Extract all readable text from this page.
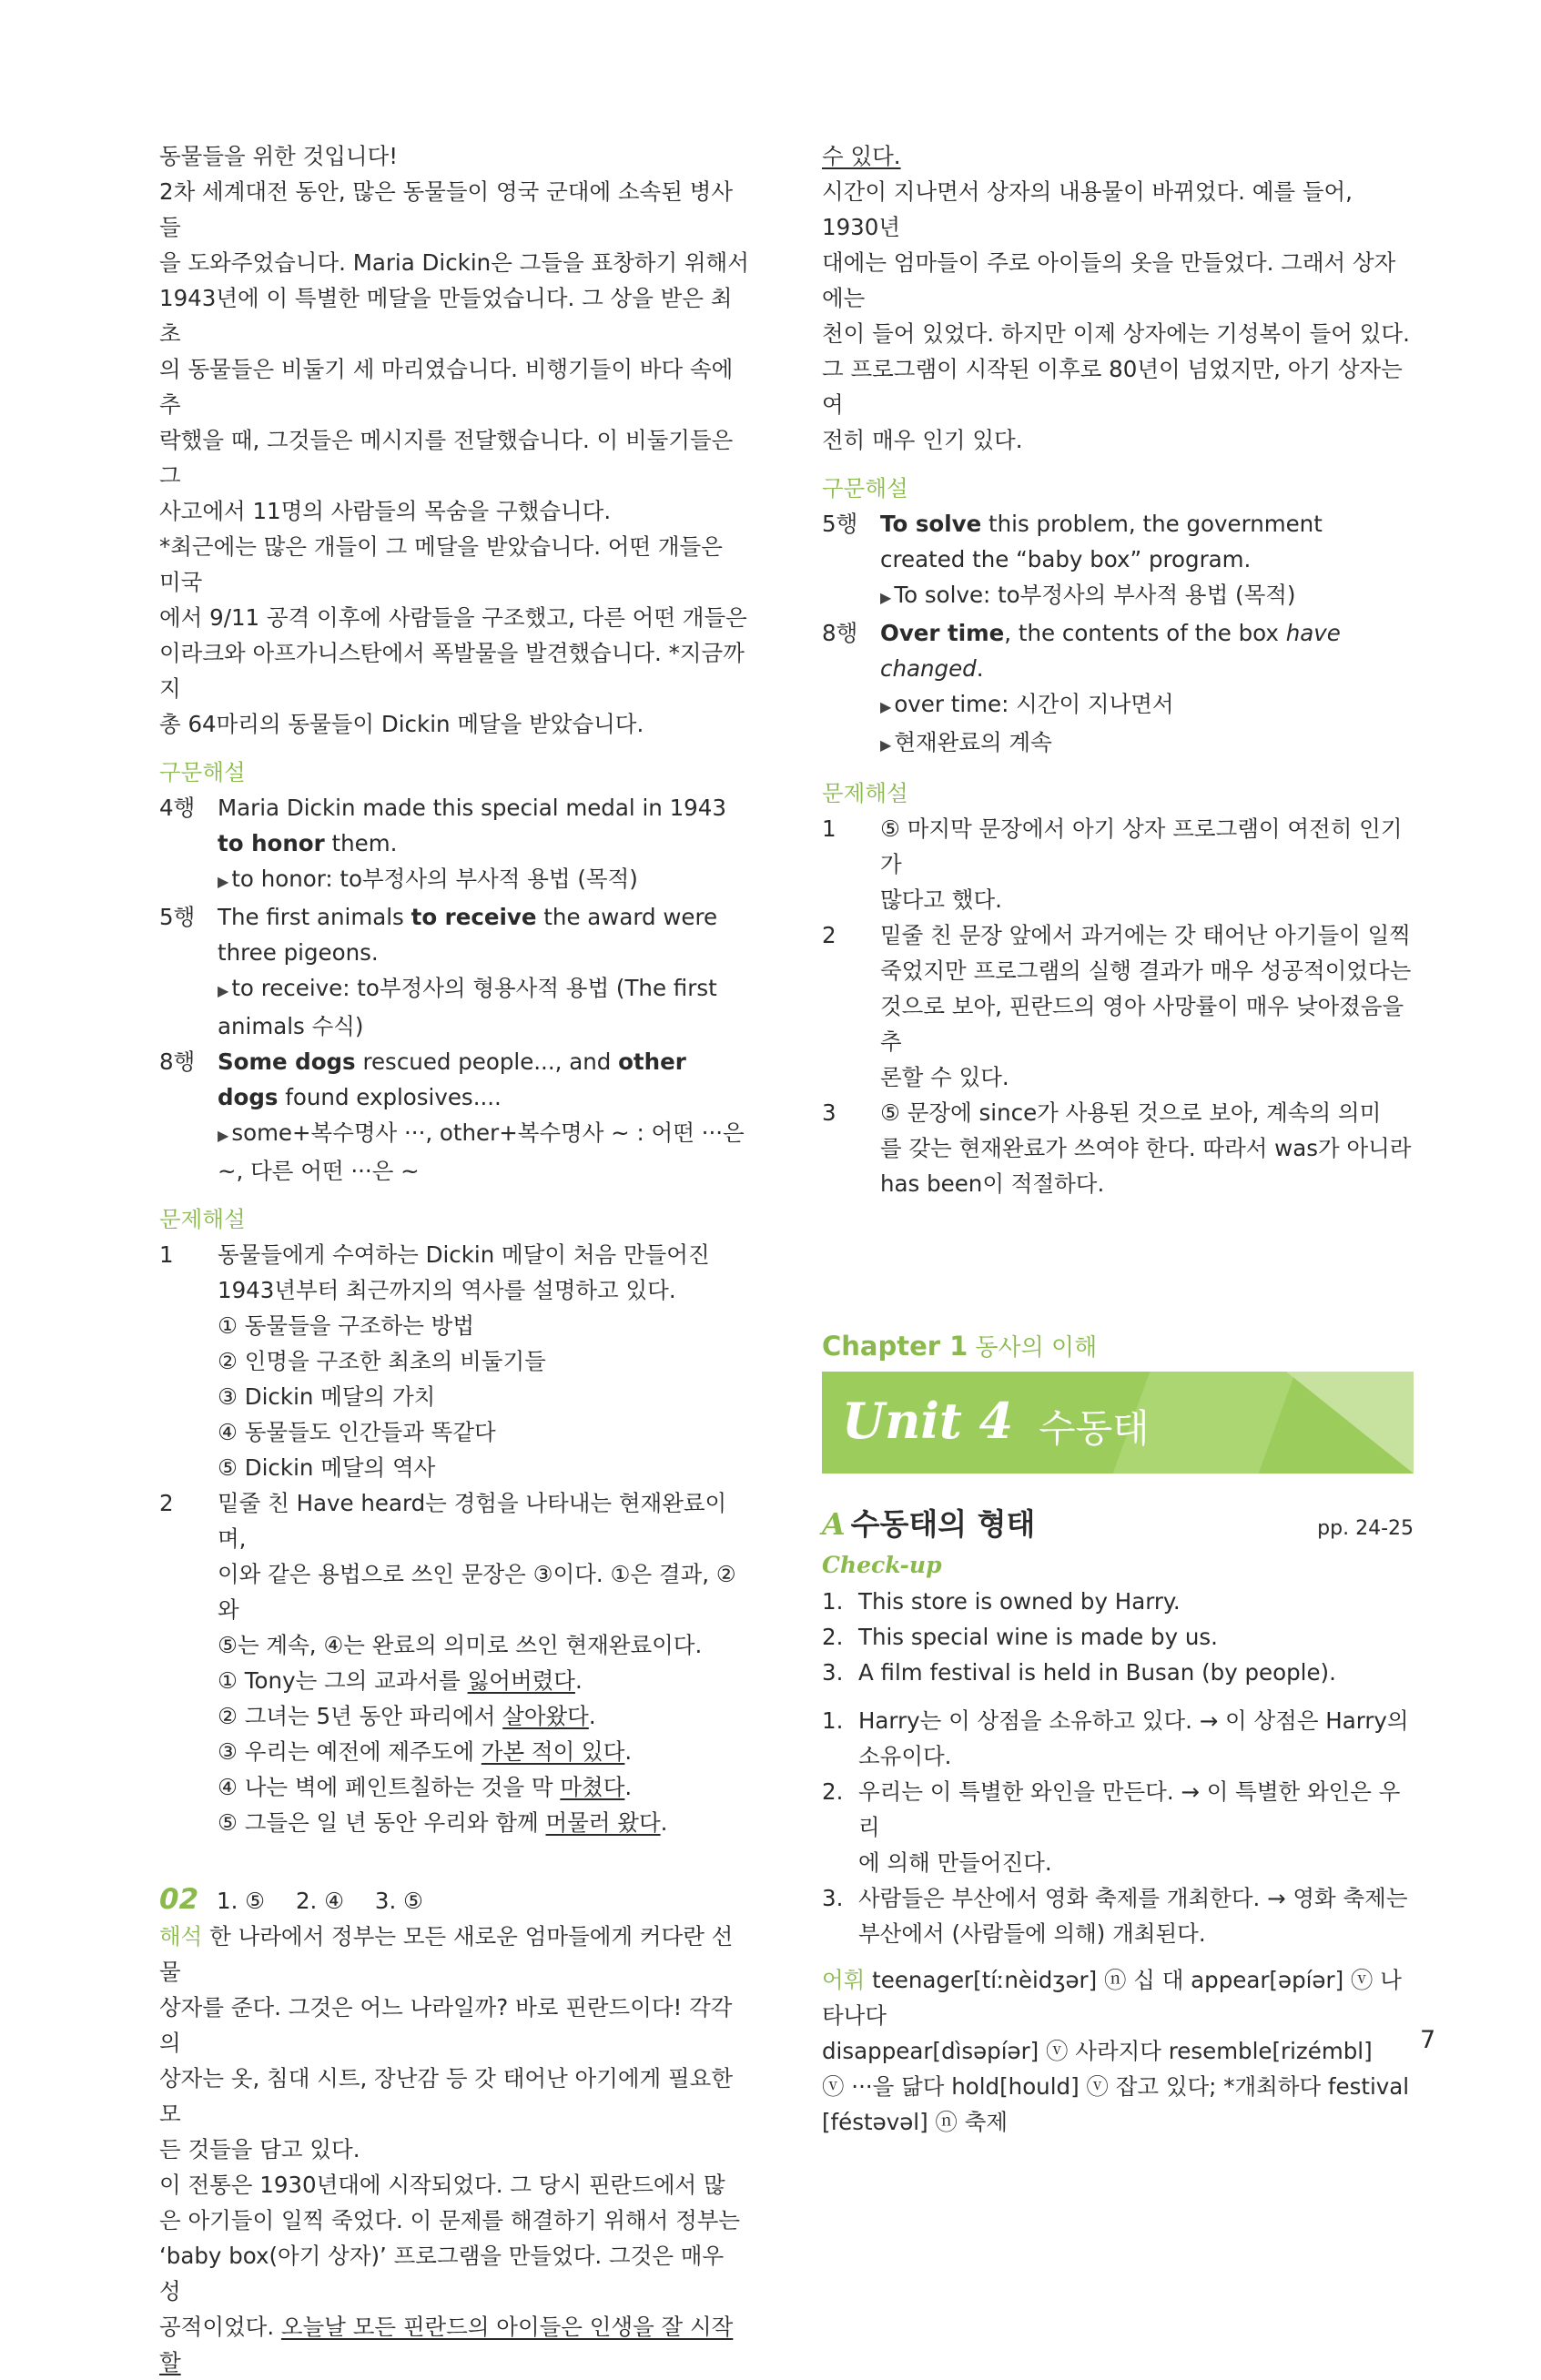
동물들을 위한 것입니다!
2차 세계대전 동안, 많은 동물들이 영국 군대에 소속된 병사들
을 도와주었습니다. Maria Dickin은 그들을 표창하기 위해서
1943년에 이 특별한 메달을 만들었습니다. 그 상을 받은 최초
의 동물들은 비둘기 세 마리였습니다. 비행기들이 바다 속에 추
락했을 때, 그것들은 메시지를 전달했습니다. 이 비둘기들은 그
사고에서 11명의 사람들의 목숨을 구했습니다.
*최근에는 많은 개들이 그 메달을 받았습니다. 어떤 개들은 미국
에서 9/11 공격 이후에 사람들을 구조했고, 다른 어떤 개들은
이라크와 아프가니스탄에서 폭발물을 발견했습니다. *지금까지
총 64마리의 동물들이 Dickin 메달을 받았습니다.
구문해설
4행	Maria Dickin made this special medal in 1943
to honor them.
▶ to honor: to부정사의 부사적 용법 (목적)
5행	The first animals to receive the award were
three pigeons.
▶ to receive: to부정사의 형용사적 용법 (The first
animals 수식)
8행	Some dogs rescued people..., and other
dogs found explosives....
▶ some+복수명사 ···, other+복수명사 ~ : 어떤 ···은
~, 다른 어떤 ···은 ~
문제해설
1	동물들에게 수여하는 Dickin 메달이 처음 만들어진
1943년부터 최근까지의 역사를 설명하고 있다.
① 동물들을 구조하는 방법
② 인명을 구조한 최초의 비둘기들
③ Dickin 메달의 가치
④ 동물들도 인간들과 똑같다
⑤ Dickin 메달의 역사
2	밑줄 친 Have heard는 경험을 나타내는 현재완료이며,
이와 같은 용법으로 쓰인 문장은 ③이다. ①은 결과, ②와
⑤는 계속, ④는 완료의 의미로 쓰인 현재완료이다.
① Tony는 그의 교과서를 잃어버렸다.
② 그녀는 5년 동안 파리에서 살아왔다.
③ 우리는 예전에 제주도에 가본 적이 있다.
④ 나는 벽에 페인트칠하는 것을 막 마쳤다.
⑤ 그들은 일 년 동안 우리와 함께 머물러 왔다.
02 1. ⑤ 2. ④ 3. ⑤
해석 한 나라에서 정부는 모든 새로운 엄마들에게 커다란 선물
상자를 준다. 그것은 어느 나라일까? 바로 핀란드이다! 각각의
상자는 옷, 침대 시트, 장난감 등 갓 태어난 아기에게 필요한 모
든 것들을 담고 있다.
이 전통은 1930년대에 시작되었다. 그 당시 핀란드에서 많
은 아기들이 일찍 죽었다. 이 문제를 해결하기 위해서 정부는
‘baby box(아기 상자)’ 프로그램을 만들었다. 그것은 매우 성
공적이었다. 오늘날 모든 핀란드의 아이들은 인생을 잘 시작할
수 있다.
시간이 지나면서 상자의 내용물이 바뀌었다. 예를 들어, 1930년
대에는 엄마들이 주로 아이들의 옷을 만들었다. 그래서 상자에는
천이 들어 있었다. 하지만 이제 상자에는 기성복이 들어 있다.
그 프로그램이 시작된 이후로 80년이 넘었지만, 아기 상자는 여
전히 매우 인기 있다.
구문해설
5행	To solve this problem, the government
created the “baby box” program.
▶ To solve: to부정사의 부사적 용법 (목적)
8행	Over time, the contents of the box have
changed.
▶ over time: 시간이 지나면서
▶ 현재완료의 계속
문제해설
1	⑤ 마지막 문장에서 아기 상자 프로그램이 여전히 인기가
많다고 했다.
2	밑줄 친 문장 앞에서 과거에는 갓 태어난 아기들이 일찍
죽었지만 프로그램의 실행 결과가 매우 성공적이었다는
것으로 보아, 핀란드의 영아 사망률이 매우 낮아졌음을 추
론할 수 있다.
3	⑤ 문장에 since가 사용된 것으로 보아, 계속의 의미
를 갖는 현재완료가 쓰여야 한다. 따라서 was가 아니라
has been이 적절하다.
Chapter 1 동사의 이해
Unit 4 수동태
A 수동태의 형태	pp. 24-25
Check-up
1. This store is owned by Harry.
2. This special wine is made by us.
3. A film festival is held in Busan (by people).
1. Harry는 이 상점을 소유하고 있다. → 이 상점은 Harry의
소유이다.
2. 우리는 이 특별한 와인을 만든다. → 이 특별한 와인은 우리
에 의해 만들어진다.
3. 사람들은 부산에서 영화 축제를 개최한다. → 영화 축제는
부산에서 (사람들에 의해) 개최된다.
어휘 teenager[tíːnèidʒər] ⓝ 십 대 appear[əpíər] ⓥ 나타나다
disappear[dìsəpíər] ⓥ 사라지다 resemble[rizémbl]
ⓥ ···을 닮다 hold[hould] ⓥ 잡고 있다; *개최하다 festival
[féstəvəl] ⓝ 축제
7
